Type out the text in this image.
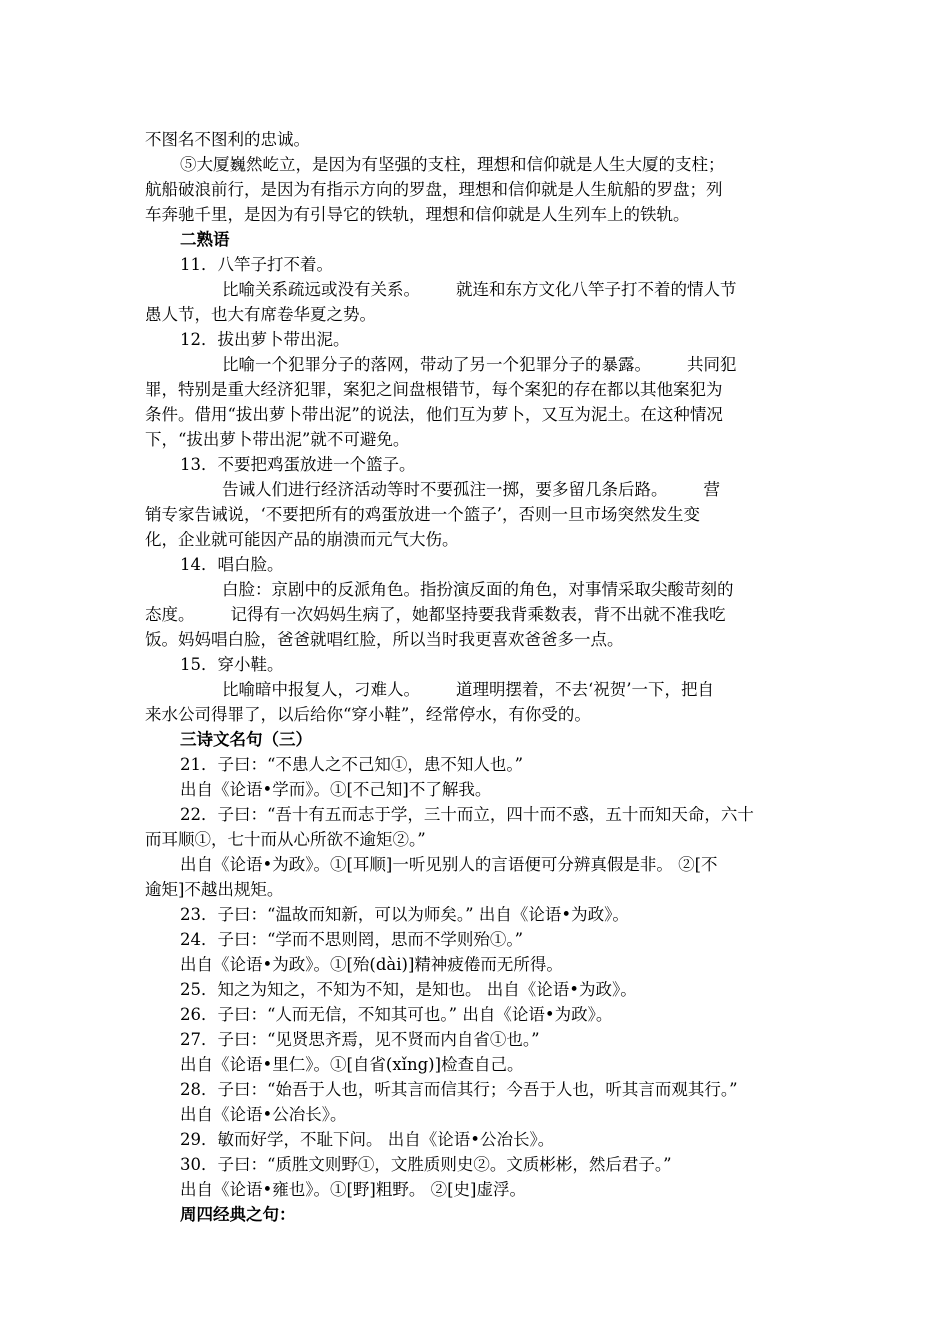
不图名不图利的忠诚。
⑤大厦巍然屹立，是因为有坚强的支柱，理想和信仰就是人生大厦的支柱；
航船破浪前行，是因为有指示方向的罗盘，理想和信仰就是人生航船的罗盘；列
车奔驰千里，是因为有引导它的铁轨，理想和信仰就是人生列车上的铁轨。
二熟语
11．八竿子打不着。
比喻关系疏远或没有关系。 就连和东方文化八竿子打不着的情人节
愚人节，也大有席卷华夏之势。
12．拔出萝卜带出泥。
比喻一个犯罪分子的落网，带动了另一个犯罪分子的暴露。 共同犯
罪，特别是重大经济犯罪，案犯之间盘根错节，每个案犯的存在都以其他案犯为
条件。借用“拔出萝卜带出泥”的说法，他们互为萝卜，又互为泥土。在这种情况
下，“拔出萝卜带出泥”就不可避免。
13．不要把鸡蛋放进一个篮子。
告诫人们进行经济活动等时不要孤注一掷，要多留几条后路。 营
销专家告诫说，‘不要把所有的鸡蛋放进一个篮子’，否则一旦市场突然发生变
化，企业就可能因产品的崩溃而元气大伤。
14．唱白脸。
白脸：京剧中的反派角色。指扮演反面的角色，对事情采取尖酸苛刻的
态度。 记得有一次妈妈生病了，她都坚持要我背乘数表，背不出就不准我吃
饭。妈妈唱白脸，爸爸就唱红脸，所以当时我更喜欢爸爸多一点。
15．穿小鞋。
比喻暗中报复人，刁难人。 道理明摆着，不去‘祝贺’一下，把自
来水公司得罪了，以后给你“穿小鞋”，经常停水，有你受的。
三诗文名句（三）
21．子曰：“不患人之不己知①，患不知人也。”
出自《论语•学而》。①[不己知]不了解我。
22．子曰：“吾十有五而志于学，三十而立，四十而不惑，五十而知天命，六十
而耳顺①，七十而从心所欲不逾矩②。”
出自《论语•为政》。①[耳顺]一听见别人的言语便可分辨真假是非。 ②[不
逾矩]不越出规矩。
23．子曰：“温故而知新，可以为师矣。” 出自《论语•为政》。
24．子曰：“学而不思则罔，思而不学则殆①。”
出自《论语•为政》。①[殆(dài)]精神疲倦而无所得。
25．知之为知之，不知为不知，是知也。 出自《论语•为政》。
26．子曰：“人而无信，不知其可也。” 出自《论语•为政》。
27．子曰：“见贤思齐焉，见不贤而内自省①也。”
出自《论语•里仁》。①[自省(xǐng)]检查自己。
28．子曰：“始吾于人也，听其言而信其行；今吾于人也，听其言而观其行。”
出自《论语•公冶长》。
29．敏而好学，不耻下问。 出自《论语•公冶长》。
30．子曰：“质胜文则野①，文胜质则史②。文质彬彬，然后君子。”
出自《论语•雍也》。①[野]粗野。 ②[史]虚浮。
周四经典之句：
